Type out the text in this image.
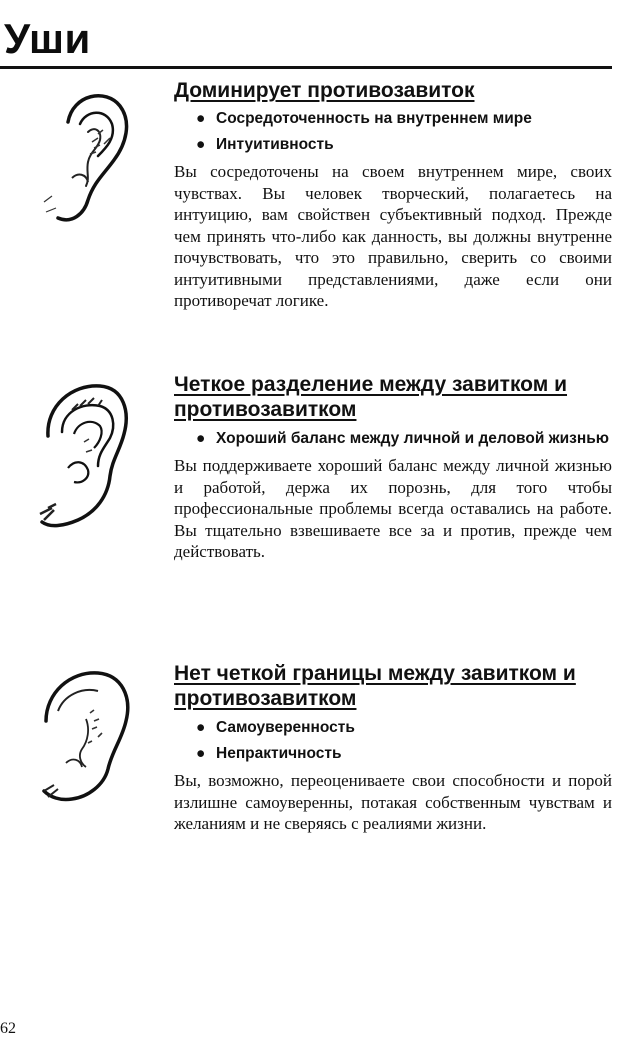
Уши
Доминирует противозавиток
● Сосредоточенность на внутреннем мире
● Интуитивность

Вы сосредоточены на своем внутреннем мире, своих чувствах. Вы человек творческий, полагаетесь на интуицию, вам свойствен субъективный подход. Прежде чем принять что-либо как данность, вы должны внутренне почувствовать, что это правильно, сверить со своими интуитивными представлениями, даже если они противоречат логике.

Четкое разделение между завитком и противозавитком
● Хороший баланс между личной и деловой жизнью

Вы поддерживаете хороший баланс между личной жизнью и работой, держа их порознь, для того чтобы профессиональные проблемы всегда оставались на работе. Вы тщательно взвешиваете все за и против, прежде чем действовать.

Нет четкой границы между завитком и противозавитком
● Самоуверенность
● Непрактичность

Вы, возможно, переоцениваете свои способности и порой излишне самоуверенны, потакая собственным чувствам и желаниям и не сверяясь с реалиями жизни.

62
